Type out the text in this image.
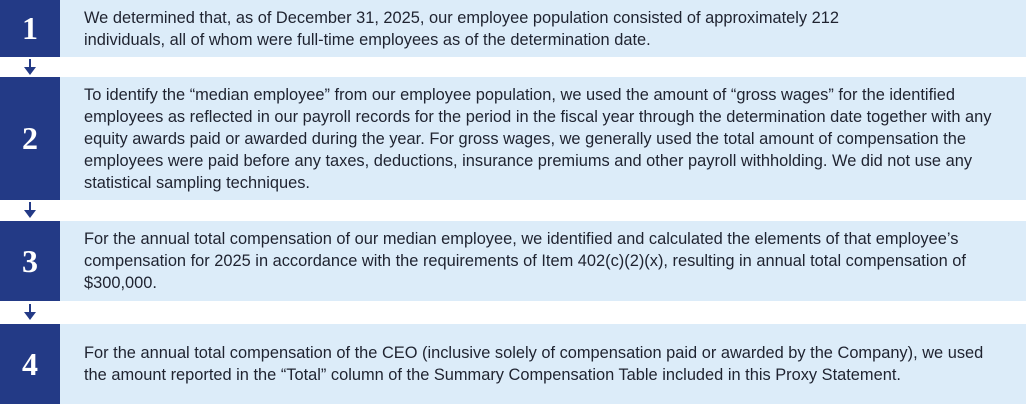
1	We determined that, as of December 31, 2025, our employee population consisted of approximately 212 individuals, all of whom were full-time employees as of the determination date.

2

To identify the “median employee” from our employee population, we used the amount of “gross wages” for the identified employees as reflected in our payroll records for the period in the fiscal year through the determination date together with any equity awards paid or awarded during the year. For gross wages, we generally used the total amount of compensation the employees were paid before any taxes, deductions, insurance premiums and other payroll withholding. We did not use any statistical sampling techniques.

3

For the annual total compensation of our median employee, we identified and calculated the elements of that employee’s compensation for 2025 in accordance with the requirements of Item 402(c)(2)(x), resulting in annual total compensation of $300,000.

4	For the annual total compensation of the CEO (inclusive solely of compensation paid or awarded by the Company), we used the amount reported in the “Total” column of the Summary Compensation Table included in this Proxy Statement.
